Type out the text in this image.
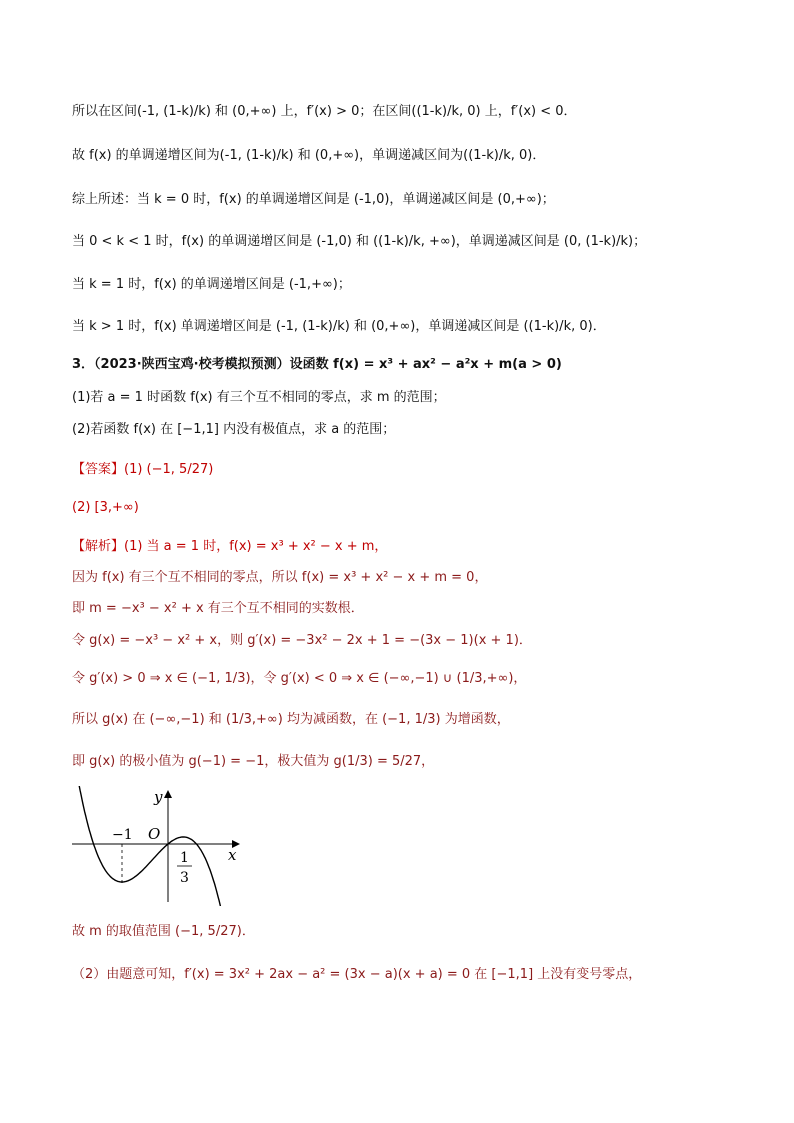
所以在区间(-1, (1-k)/k) 和 (0,+∞) 上，f′(x) > 0；在区间((1-k)/k, 0) 上，f′(x) < 0．
故 f(x) 的单调递增区间为(-1, (1-k)/k) 和 (0,+∞)，单调递减区间为((1-k)/k, 0)．
综上所述：当 k = 0 时，f(x) 的单调递增区间是 (-1,0)，单调递减区间是 (0,+∞)；
当 0 < k < 1 时，f(x) 的单调递增区间是 (-1,0) 和 ((1-k)/k, +∞)，单调递减区间是 (0, (1-k)/k)；
当 k = 1 时，f(x) 的单调递增区间是 (-1,+∞)；
当 k > 1 时，f(x) 单调递增区间是 (-1, (1-k)/k) 和 (0,+∞)，单调递减区间是 ((1-k)/k, 0)．
3．（2023·陕西宝鸡·校考模拟预测）设函数 f(x) = x³ + ax² − a²x + m(a > 0)
(1)若 a = 1 时函数 f(x) 有三个互不相同的零点，求 m 的范围；
(2)若函数 f(x) 在 [−1,1] 内没有极值点，求 a 的范围；
【答案】(1) (−1, 5/27)
(2) [3,+∞)
【解析】(1) 当 a = 1 时，f(x) = x³ + x² − x + m，
因为 f(x) 有三个互不相同的零点，所以 f(x) = x³ + x² − x + m = 0，
即 m = −x³ − x² + x 有三个互不相同的实数根．
令 g(x) = −x³ − x² + x，则 g′(x) = −3x² − 2x + 1 = −(3x − 1)(x + 1)．
令 g′(x) > 0 ⇒ x ∈ (−1, 1/3)，令 g′(x) < 0 ⇒ x ∈ (−∞,−1) ∪ (1/3,+∞)，
所以 g(x) 在 (−∞,−1) 和 (1/3,+∞) 均为减函数，在 (−1, 1/3) 为增函数，
即 g(x) 的极小值为 g(−1) = −1，极大值为 g(1/3) = 5/27，
故 m 的取值范围 (−1, 5/27)．
（2）由题意可知，f′(x) = 3x² + 2ax − a² = (3x − a)(x + a) = 0 在 [−1,1] 上没有变号零点，
y
x
O
−1
1
3
